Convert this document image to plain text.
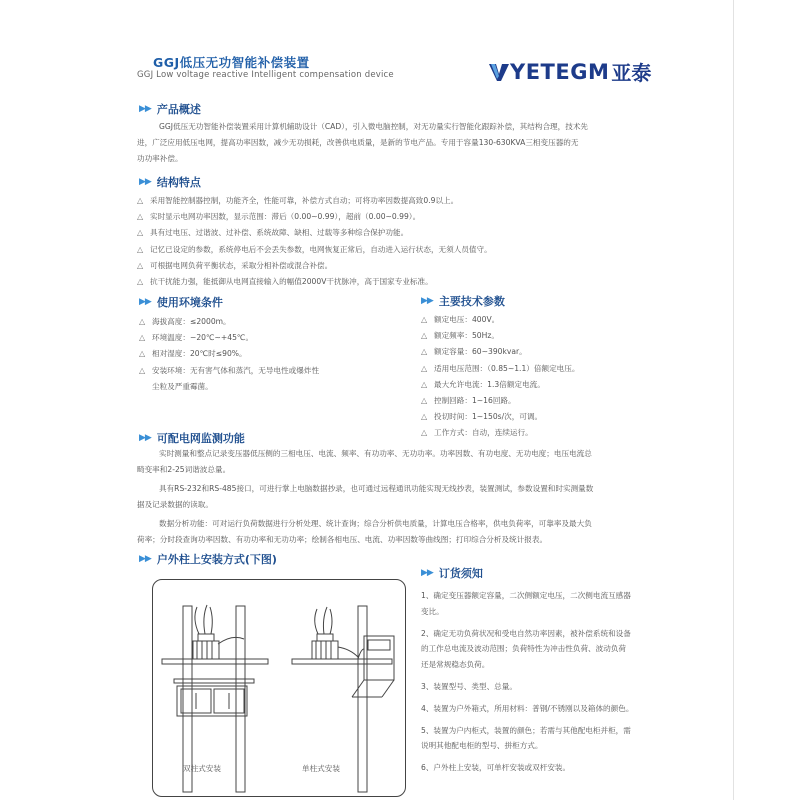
GGJ低压无功智能补偿装置
GGJ Low voltage reactive Intelligent compensation device	YETEGM 亚泰
▶▶ 产品概述
GGJ低压无功智能补偿装置采用计算机辅助设计（CAD），引入微电脑控制，对无功量实行智能化跟踪补偿，其结构合理，技术先
进，广泛应用低压电网，提高功率因数，减少无功损耗，改善供电质量，是新的节电产品。专用于容量130-630KVA三相变压器的无
功功率补偿。
▶▶ 结构特点
△ 采用智能控制器控制，功能齐全，性能可靠，补偿方式自动；可将功率因数提高致0.9以上。
△ 实时显示电网功率因数，显示范围：滞后（0.00~0.99），超前（0.00~0.99）。
△ 具有过电压、过谐波、过补偿、系统故障、缺相、过载等多种综合保护功能。
△ 记忆已设定的参数，系统停电后不会丢失参数，电网恢复正常后，自动进入运行状态，无须人员值守。
△ 可根据电网负荷平衡状态，采取分相补偿或混合补偿。
△ 抗干扰能力强，能抵御从电网直接输入的幅值2000V干扰脉冲，高于国家专业标准。
▶▶ 使用环境条件
△ 海拔高度：≤2000m。
△ 环境温度：−20℃~+45℃。
△ 相对湿度：20℃时≤90%。
△ 安装环境：无有害气体和蒸汽，无导电性或爆炸性
尘粒及严重霉菌。
▶▶ 主要技术参数
△ 额定电压：400V。
△ 额定频率：50Hz。
△ 额定容量：60~390kvar。
△ 适用电压范围：（0.85~1.1）倍额定电压。
△ 最大允许电流：1.3倍额定电流。
△ 控制回路：1~16回路。
△ 投切时间：1~150s/次，可调。
△ 工作方式：自动，连续运行。
▶▶ 可配电网监测功能
实时测量和整点记录变压器低压侧的三相电压、电流、频率、有功功率、无功功率。功率因数、有功电度、无功电度；电压电流总
畸变率和2-25词谐波总量。
具有RS-232和RS-485接口，可进行掌上电脑数据抄录，也可通过远程通讯功能实现无线抄表，装置测试，参数设置和时实测量数
据及记录数据的读取。
数据分析功能：可对运行负荷数据进行分析处理、统计查询；综合分析供电质量，计算电压合格率，供电负荷率，可靠率及最大负
荷率；分时段查询功率因数、有功功率和无功功率；绘制各相电压、电流、功率因数等曲线图；打印综合分析及统计报表。
▶▶ 户外柱上安装方式(下图)
双柱式安装	单柱式安装
▶▶ 订货须知
1、确定变压器额定容量，二次侧额定电压，二次侧电流互感器
变比。
2、确定无功负荷状况和受电自然功率因素，被补偿系统和设备
的工作总电流及波动范围；负荷特性为冲击性负荷、波动负荷
还是常规稳态负荷。
3、装置型号、类型、总量。
4、装置为户外箱式，所用材料：普钢/不锈刚以及箱体的颜色。
5、装置为户内柜式，装置的颜色；若需与其他配电柜并柜，需
说明其他配电柜的型号、拼柜方式。
6、户外柱上安装，可单杆安装或双杆安装。
